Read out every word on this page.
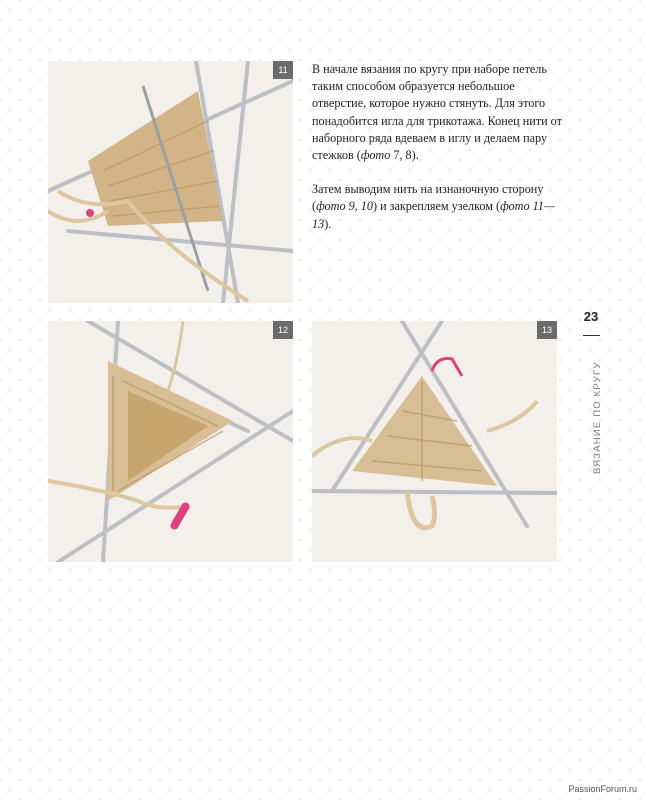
11	В начале вязания по кругу при наборе петель таким способом образуется небольшое отверстие, которое нужно стянуть. Для этого понадобится игла для трикотажа. Конец нити от наборного ряда вдеваем в иглу и делаем пару стежков (фото 7, 8).

Затем выводим нить на изнаночную сторону (фото 9, 10) и закрепляем узелком (фото 11—13).

12	13
23
ВЯЗАНИЕ ПО КРУГУ
PassionForum.ru
